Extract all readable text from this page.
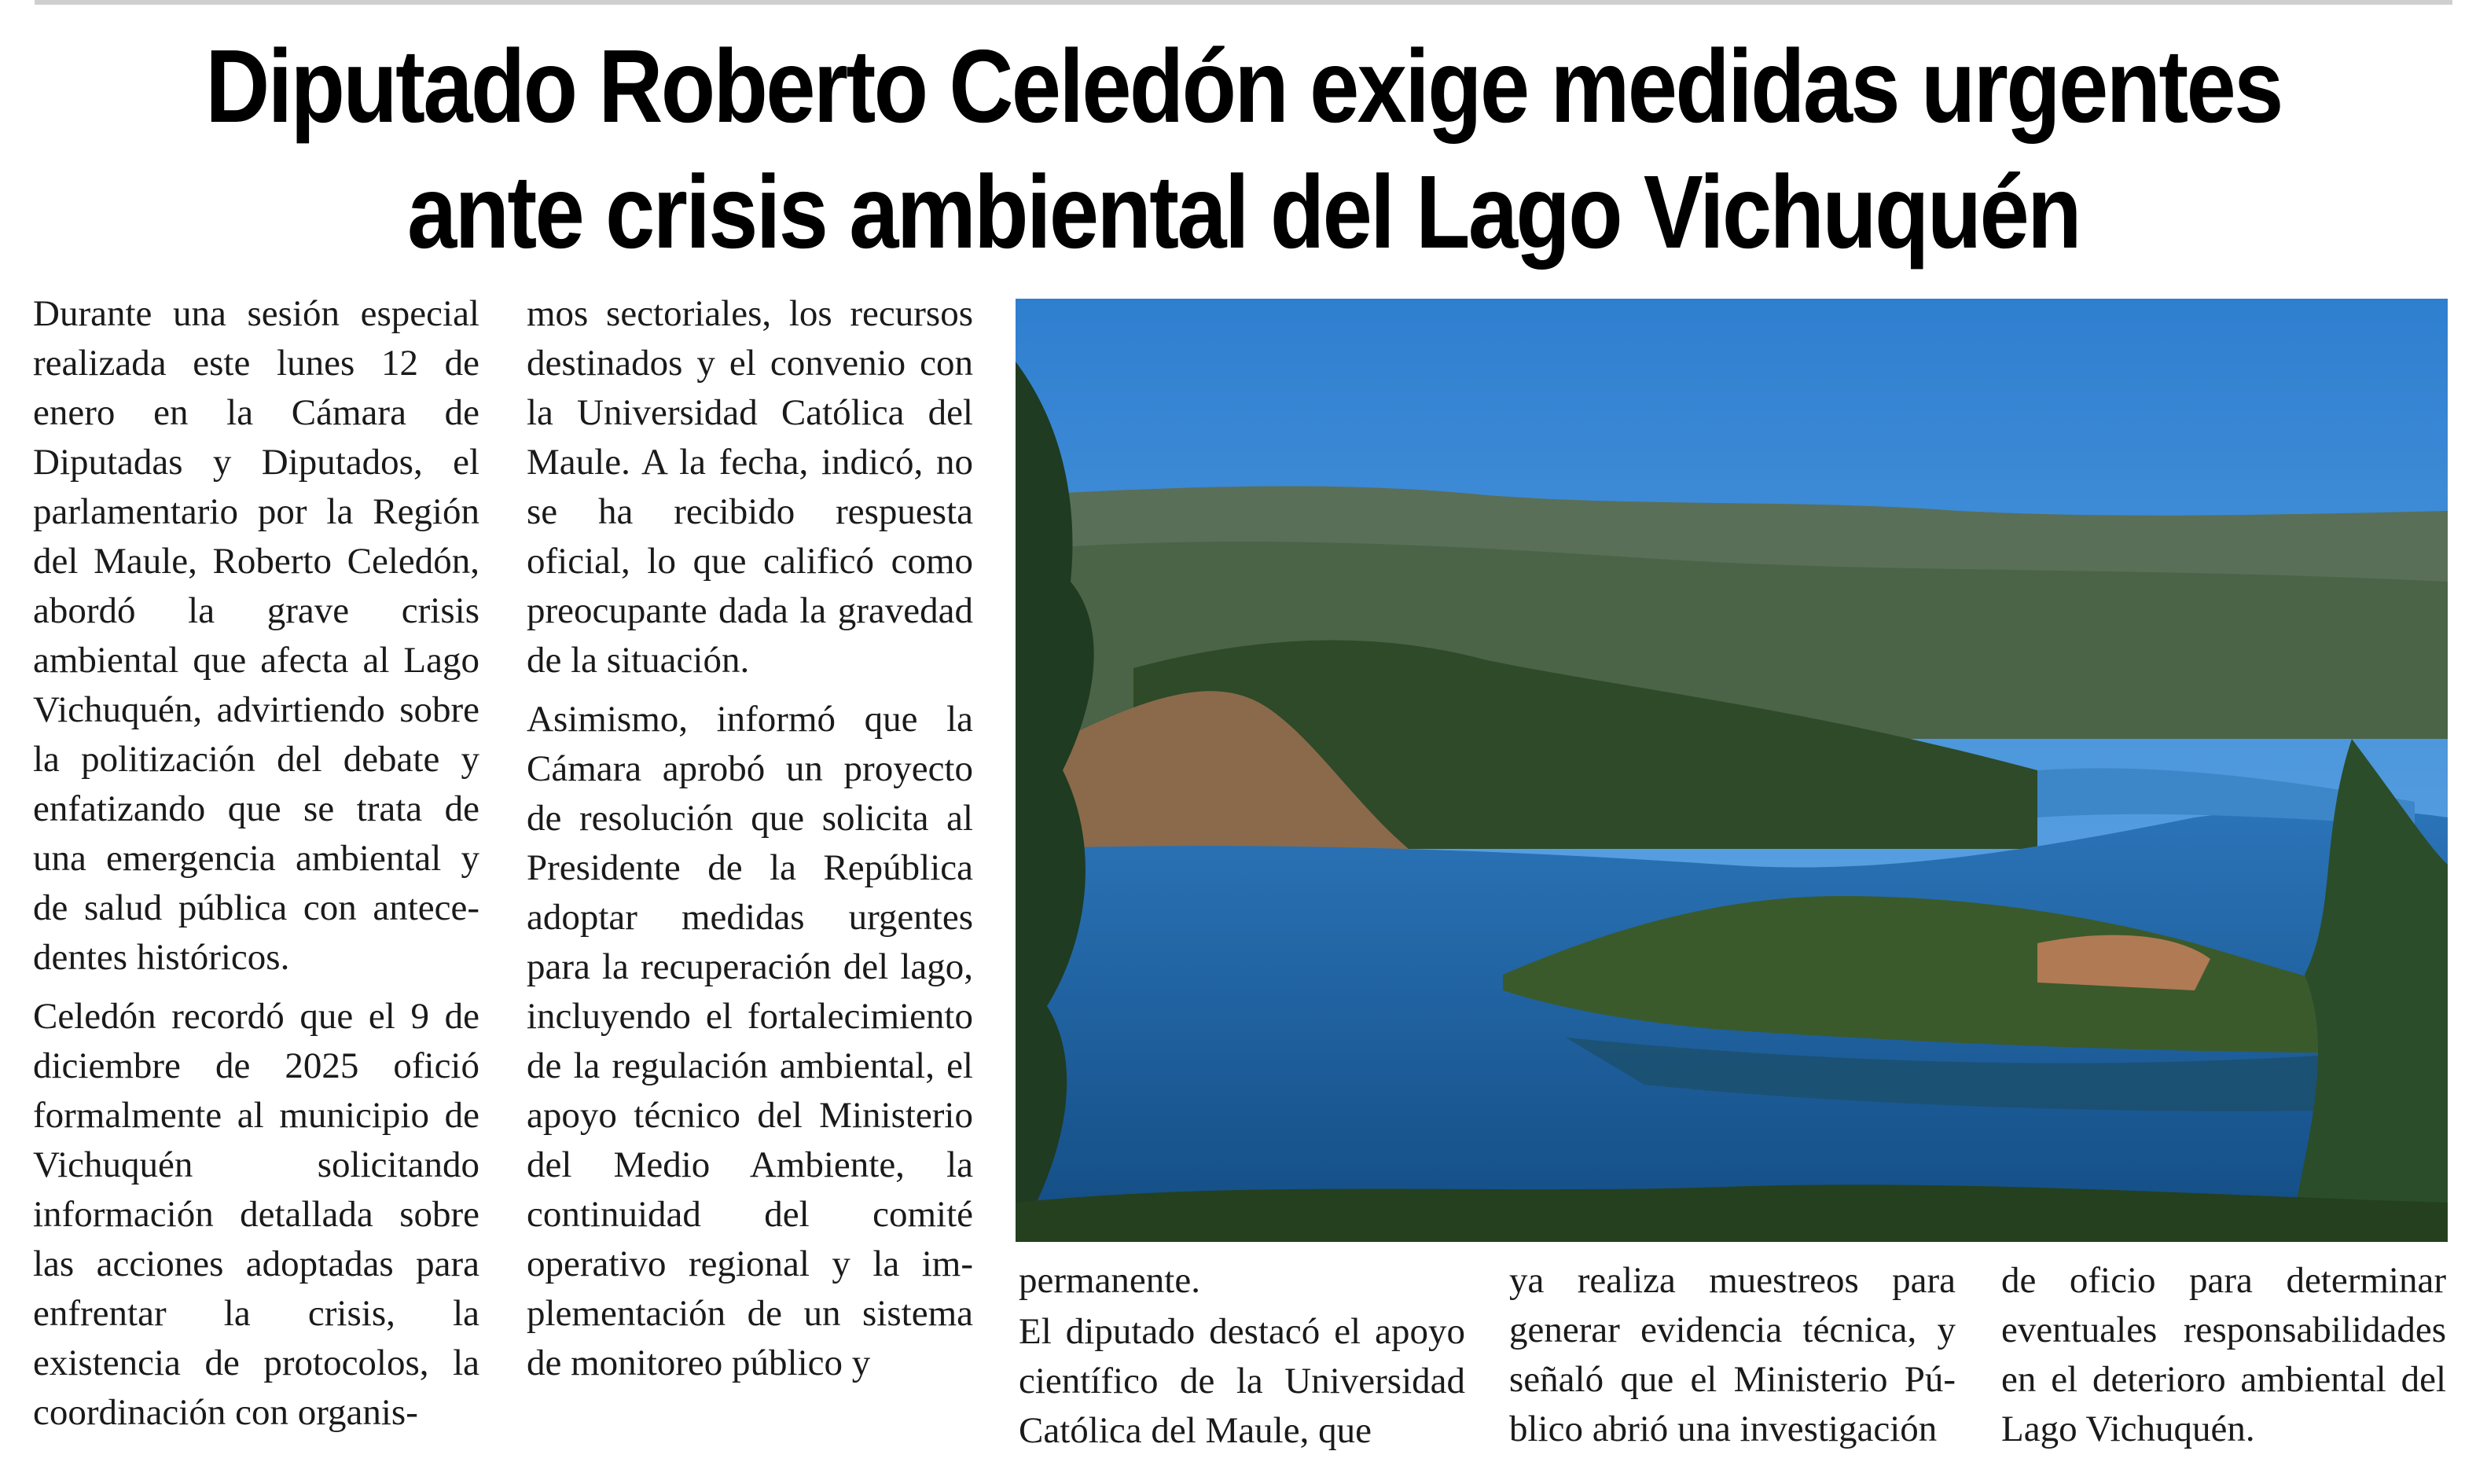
Diputado Roberto Celedón exige medidas urgentes
ante crisis ambiental del Lago Vichuquén

Durante una sesión especial realizada este lunes 12 de enero en la Cámara de Diputadas y Diputados, el parlamentario por la Región del Maule, Roberto Celedón, abordó la grave crisis ambiental que afecta al Lago Vichuquén, advirtiendo sobre la politización del debate y enfatizando que se trata de una emergencia ambiental y de salud pública con antecedentes históricos.

Celedón recordó que el 9 de diciembre de 2025 ofició formalmente al municipio de Vichuquén solicitando información detallada sobre las acciones adoptadas para enfrentar la crisis, la existencia de protocolos, la coordinación con organis-

mos sectoriales, los recursos destinados y el convenio con la Universidad Católica del Maule. A la fecha, indicó, no se ha recibido respuesta oficial, lo que calificó como preocupante dada la gravedad de la situación.

Asimismo, informó que la Cámara aprobó un proyecto de resolución que solicita al Presidente de la República adoptar medidas urgentes para la recuperación del lago, incluyendo el fortalecimiento de la regulación ambiental, el apoyo técnico del Ministerio del Medio Ambiente, la continuidad del comité operativo regional y la implementación de un sistema de monitoreo público y

permanente.

El diputado destacó el apoyo científico de la Universidad Católica del Maule, que

ya realiza muestreos para generar evidencia técnica, y señaló que el Ministerio Público abrió una investigación

de oficio para determinar eventuales responsabilidades en el deterioro ambiental del Lago Vichuquén.
